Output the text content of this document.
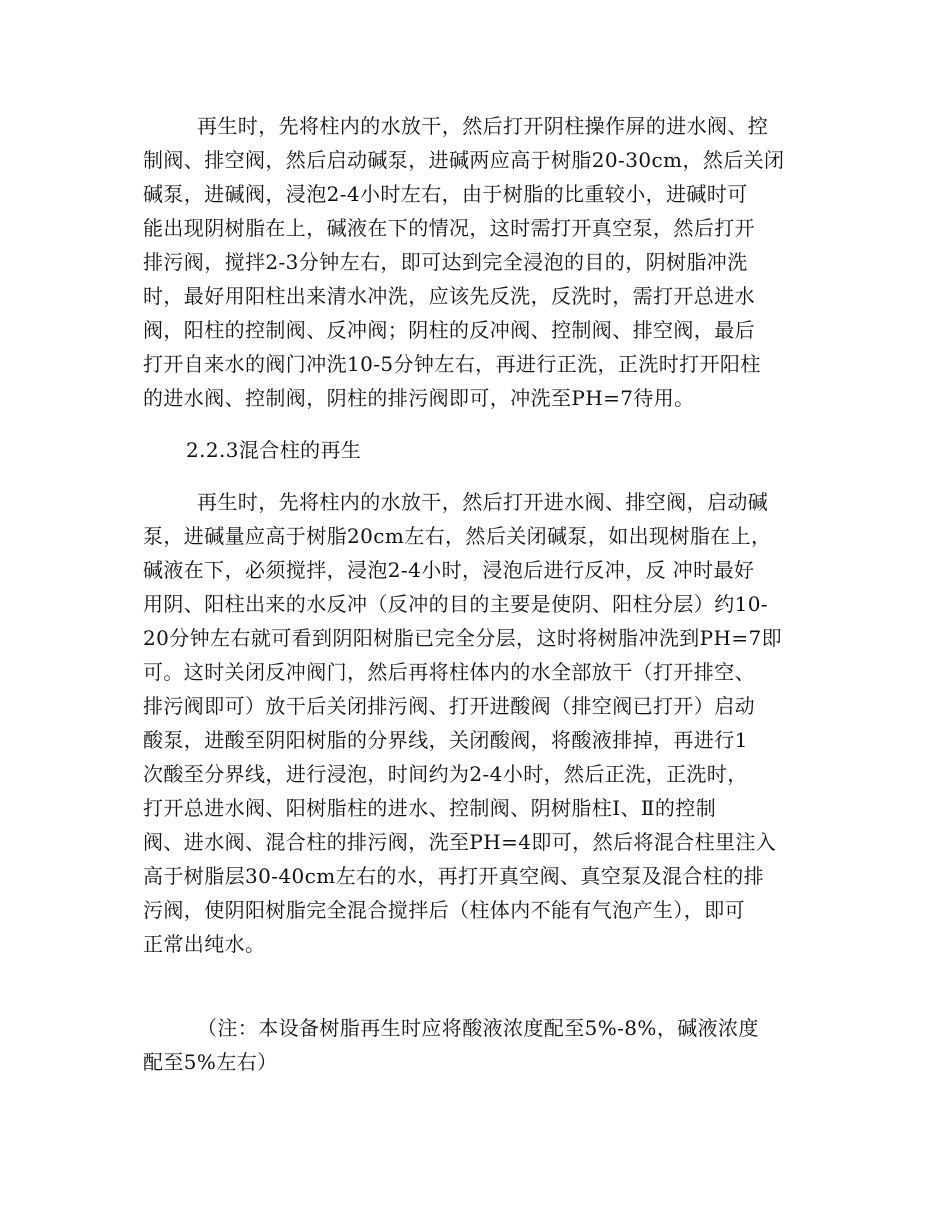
再生时，先将柱内的水放干，然后打开阴柱操作屏的进水阀、控
制阀、排空阀，然后启动碱泵，进碱两应高于树脂20-30cm，然后关闭
碱泵，进碱阀，浸泡2-4小时左右，由于树脂的比重较小，进碱时可
能出现阴树脂在上，碱液在下的情况，这时需打开真空泵，然后打开
排污阀，搅拌2-3分钟左右，即可达到完全浸泡的目的，阴树脂冲洗
时，最好用阳柱出来清水冲洗，应该先反洗，反洗时，需打开总进水
阀，阳柱的控制阀、反冲阀；阴柱的反冲阀、控制阀、排空阀，最后
打开自来水的阀门冲洗10-5分钟左右，再进行正洗，正洗时打开阳柱
的进水阀、控制阀，阴柱的排污阀即可，冲洗至PH=7待用。
2.2.3混合柱的再生
再生时，先将柱内的水放干，然后打开进水阀、排空阀，启动碱
泵，进碱量应高于树脂20cm左右，然后关闭碱泵，如出现树脂在上，
碱液在下，必须搅拌，浸泡2-4小时，浸泡后进行反冲，反 冲时最好
用阴、阳柱出来的水反冲（反冲的目的主要是使阴、阳柱分层）约10-
20分钟左右就可看到阴阳树脂已完全分层，这时将树脂冲洗到PH=7即
可。这时关闭反冲阀门，然后再将柱体内的水全部放干（打开排空、
排污阀即可）放干后关闭排污阀、打开进酸阀（排空阀已打开）启动
酸泵，进酸至阴阳树脂的分界线，关闭酸阀，将酸液排掉，再进行1
次酸至分界线，进行浸泡，时间约为2-4小时，然后正洗，正洗时，
打开总进水阀、阳树脂柱的进水、控制阀、阴树脂柱Ⅰ、Ⅱ的控制
阀、进水阀、混合柱的排污阀，洗至PH=4即可，然后将混合柱里注入
高于树脂层30-40cm左右的水，再打开真空阀、真空泵及混合柱的排
污阀，使阴阳树脂完全混合搅拌后（柱体内不能有气泡产生），即可
正常出纯水。
（注：本设备树脂再生时应将酸液浓度配至5%-8%，碱液浓度
配至5%左右）
